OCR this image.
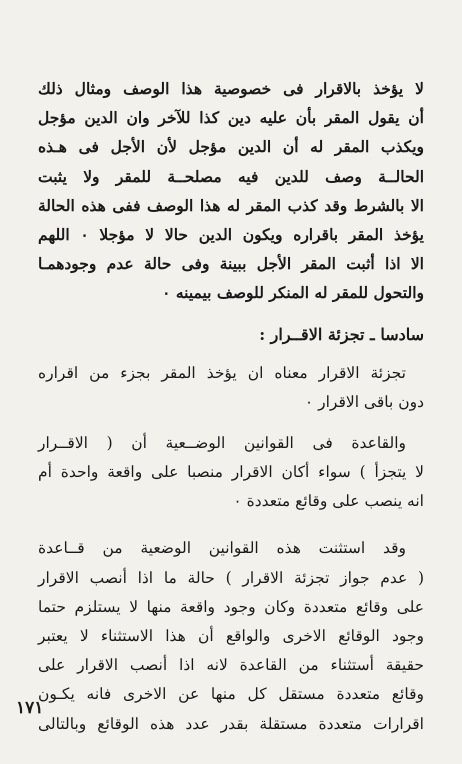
لا يؤخذ بالاقرار فى خصوصية هذا الوصف ومثال ذلك
أن يقول المقر بأن عليه دين كذا للآخر وان الدين مؤجل
ويكذب المقر له أن الدين مؤجل لأن الأجل فى هـذه
الحالــة وصف للدين فيه مصلحــة للمقر ولا يثبت
الا بالشرط وقد كذب المقر له هذا الوصف ففى هذه الحالة
يؤخذ المقر باقراره ويكون الدين حالا لا مؤجلا ٠ اللهم
الا اذا أثبت المقر الأجل ببينة وفى حالة عدم وجودهمـا
والتحول للمقر له المنكر للوصف بيمينه ٠
سادسا ـ تجزئة الاقــرار :
تجزئة الاقرار معناه ان يؤخذ المقر بجزء من اقراره
دون باقى الاقرار ٠
والقاعدة فى القوانين الوضــعية أن ( الاقــرار
لا يتجزأ ) سواء أكان الاقرار منصبا على واقعة واحدة أم
انه ينصب على وقائع متعددة ٠
وقد استثنت هذه القوانين الوضعية من قــاعدة
( عدم جواز تجزئة الاقرار ) حالة ما اذا أنصب الاقرار
على وقائع متعددة وكان وجود واقعة منها لا يستلزم حتما
وجود الوقائع الاخرى والواقع أن هذا الاستثناء لا يعتبر
حقيقة أستثناء من القاعدة لانه اذا أنصب الاقرار على
وقائع متعددة مستقل كل منها عن الاخرى فانه يكـون
اقرارات متعددة مستقلة بقدر عدد هذه الوقائع وبالتالى
١٧١
